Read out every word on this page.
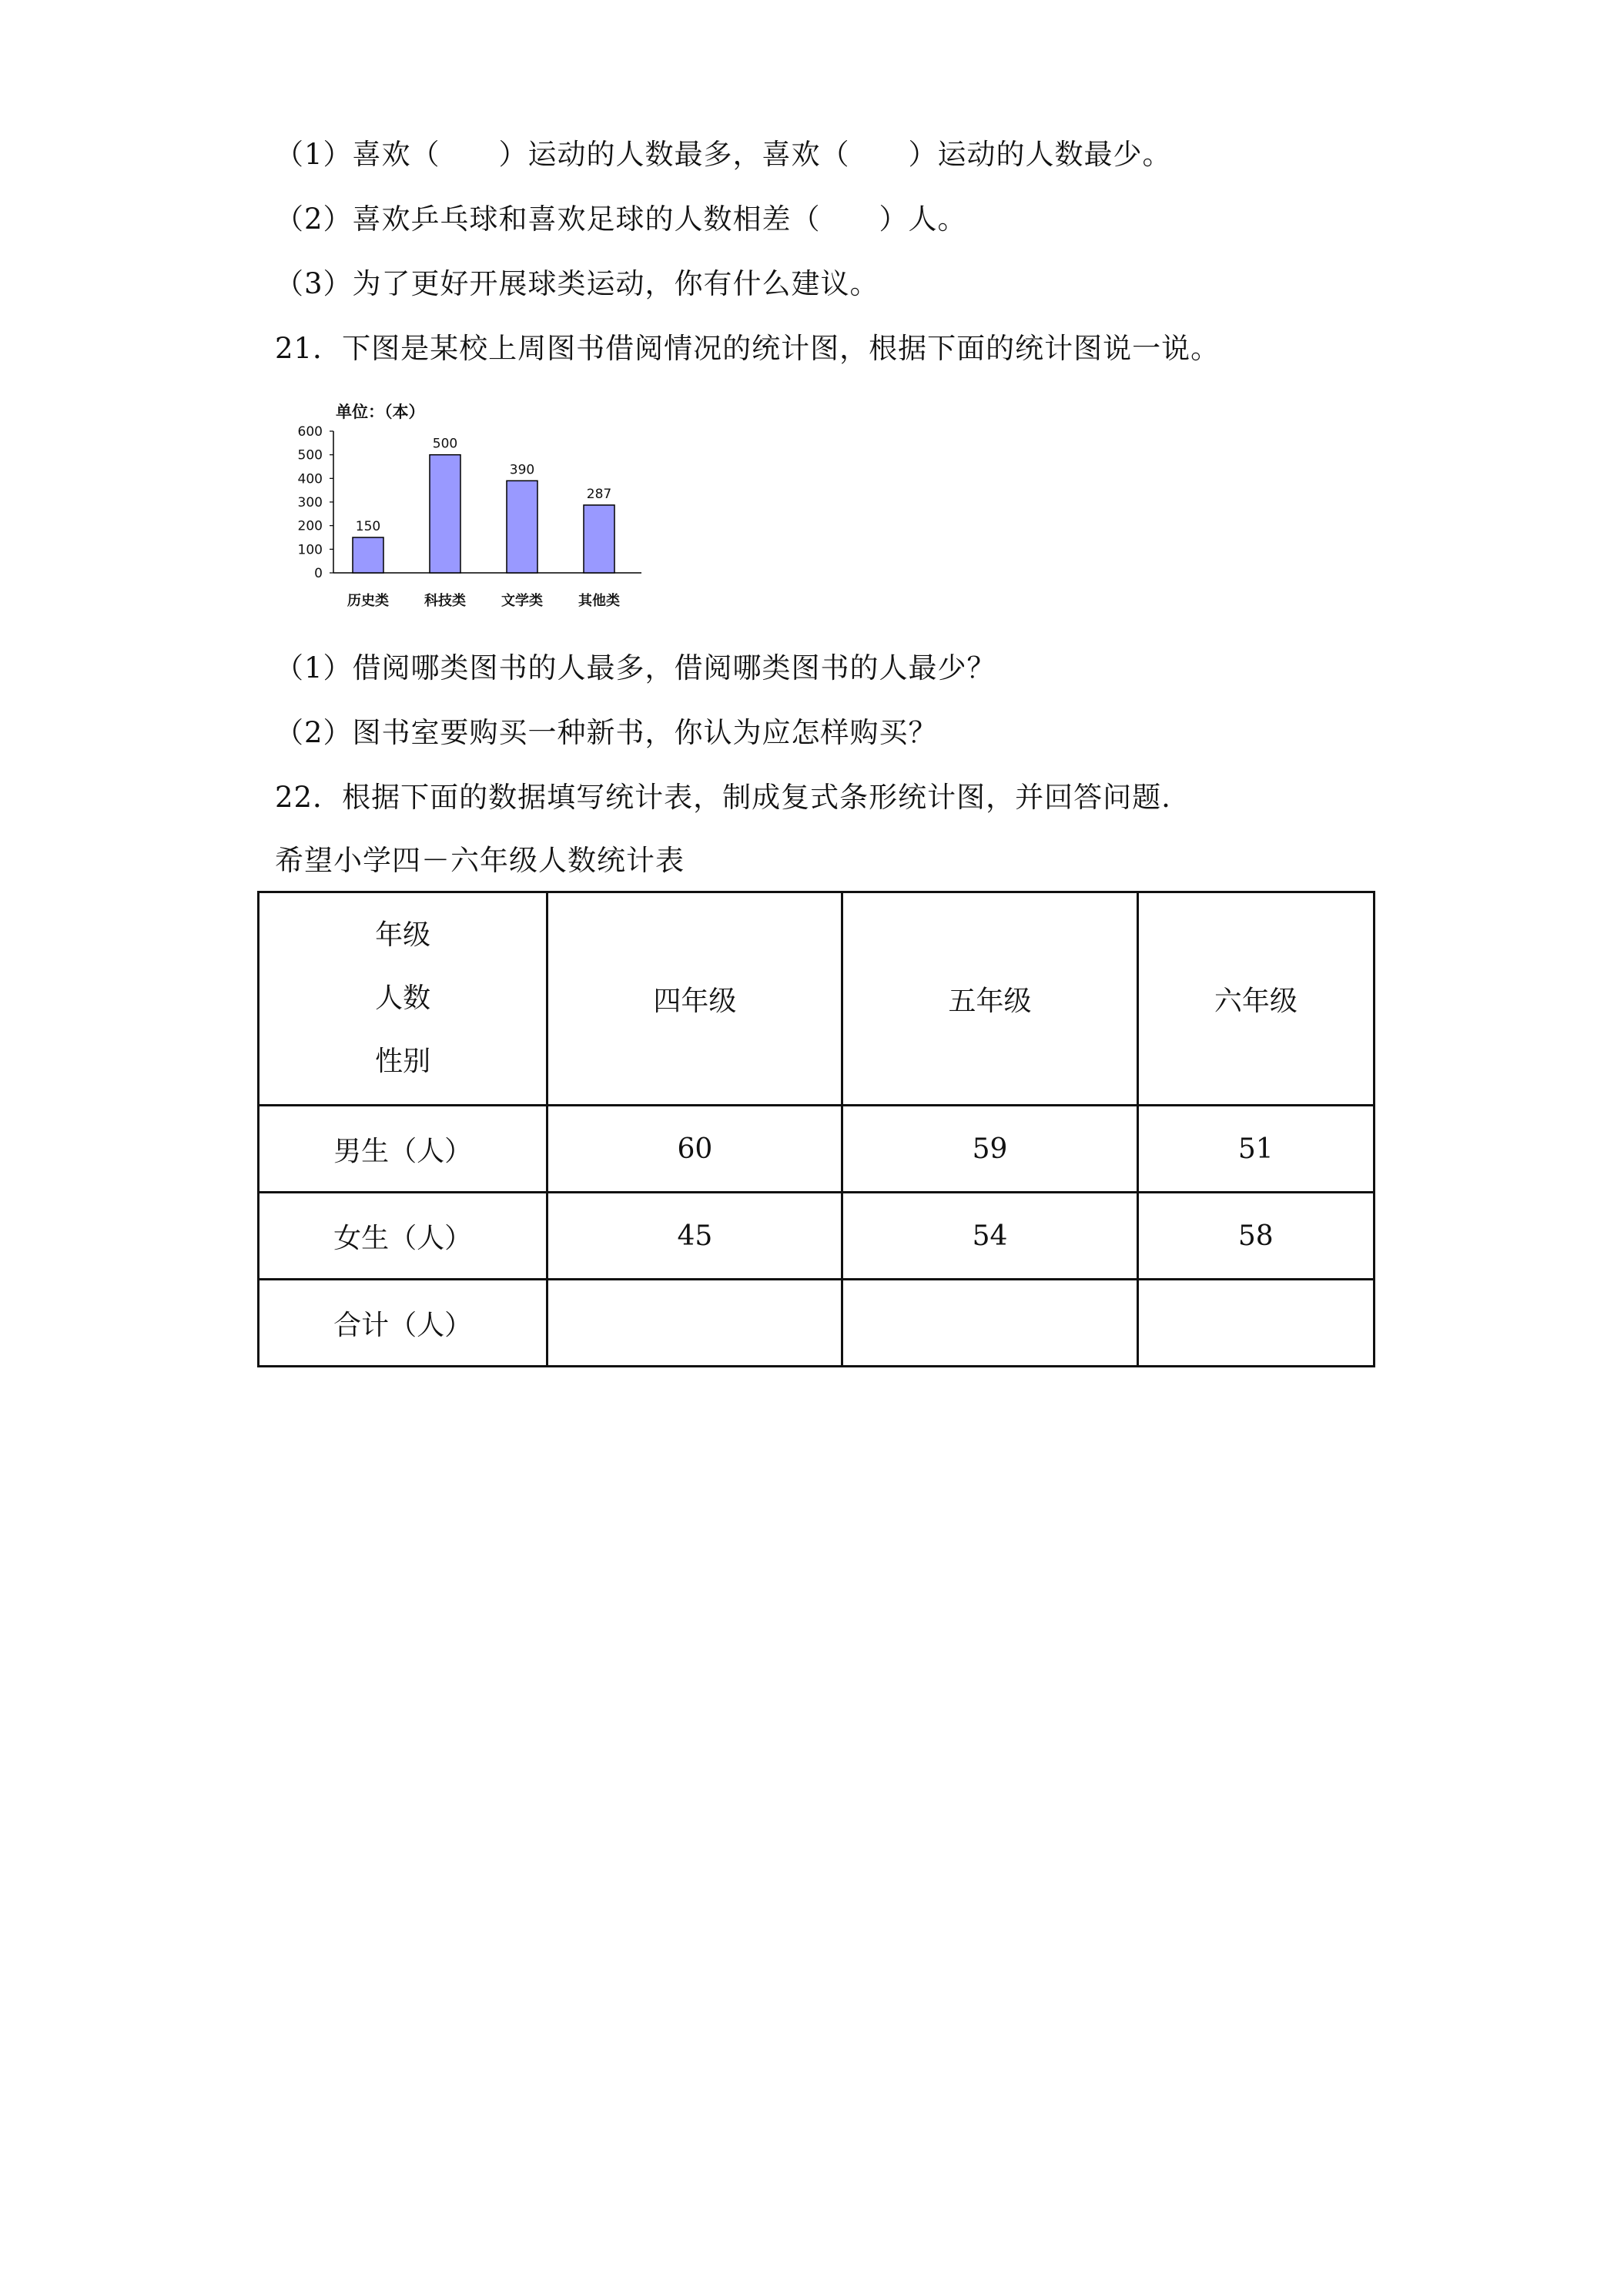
（1）喜欢（　　）运动的人数最多，喜欢（　　）运动的人数最少。
（2）喜欢乒乓球和喜欢足球的人数相差（　　）人。
（3）为了更好开展球类运动，你有什么建议。
21．下图是某校上周图书借阅情况的统计图，根据下面的统计图说一说。
0
100
200
300
400
500
600
单位：（本）
150
历史类
500
科技类
390
文学类
287
其他类
（1）借阅哪类图书的人最多，借阅哪类图书的人最少？
（2）图书室要购买一种新书，你认为应怎样购买？
22．根据下面的数据填写统计表，制成复式条形统计图，并回答问题.
希望小学四－六年级人数统计表
年级
人数
性别	四年级	五年级	六年级
男生（人）	60	59	51
女生（人）	45	54	58
合计（人）			
